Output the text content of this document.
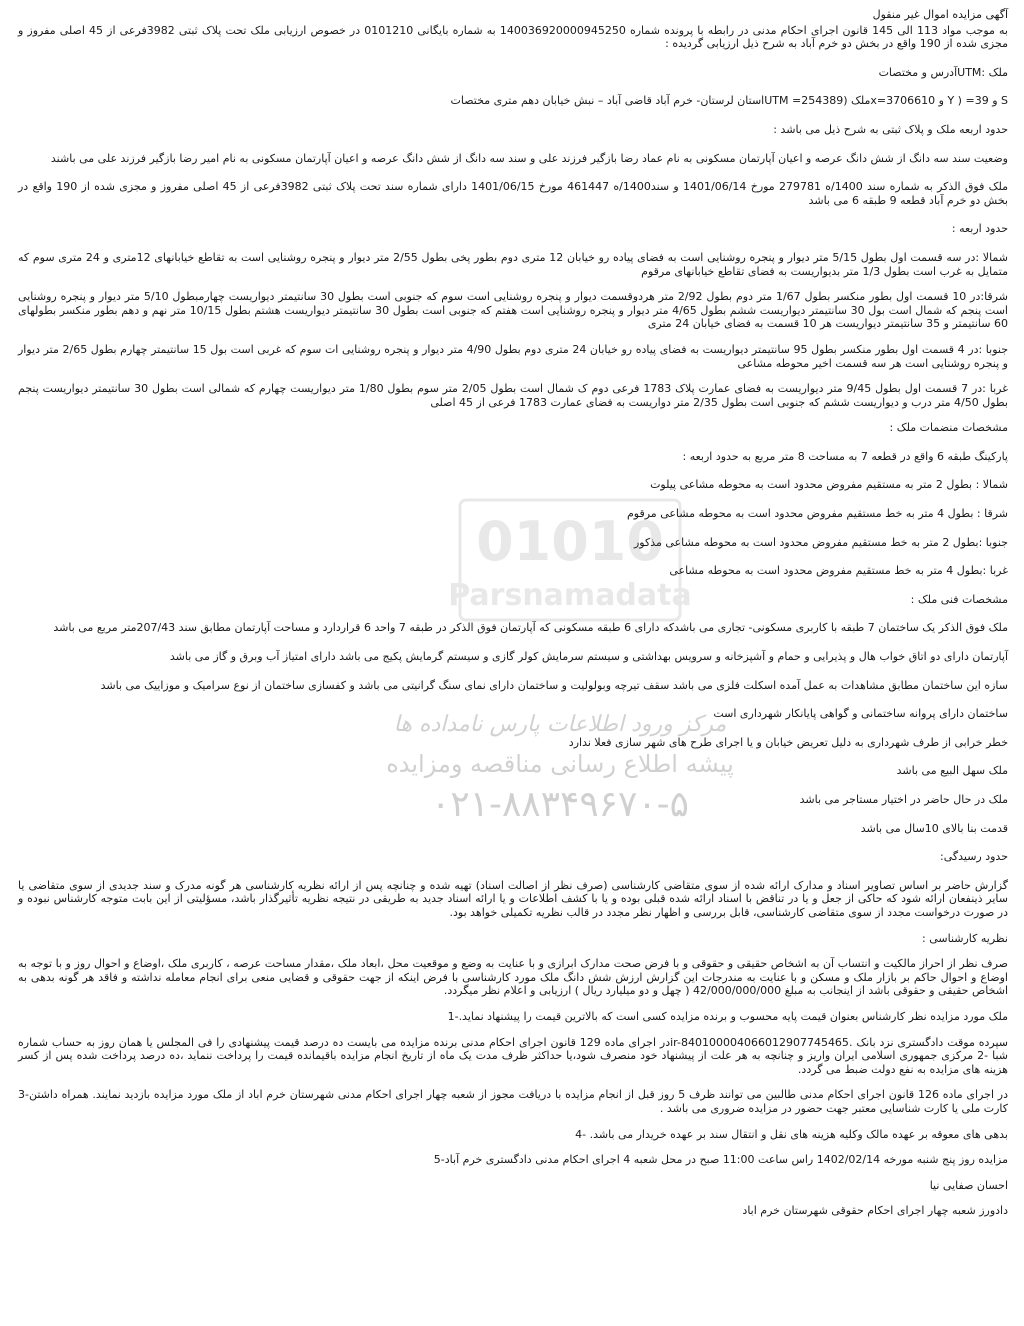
آگهی مزایده اموال غیر منقول

به موجب مواد 113 الی 145 قانون اجرای احکام مدنی در رابطه با پرونده شماره 140036920000945250 به شماره بایگانی 0101210 در خصوص ارزیابی ملک تحت پلاک ثبتی 3982فرعی از 45 اصلی مفروز و مجزی شده از 190 واقع در بخش دو خرم آباد به شرح ذیل ارزیابی گردیده :

ملک :UTMآدرس و مختصات

S و 39= ( Y و 3706610=xملک (254389= UTMاستان لرستان- خرم آباد قاضی آباد – نبش خیابان دهم متری مختصات

حدود اربعه ملک و پلاک ثبتی به شرح ذیل می باشد :

وضعیت سند سه دانگ از شش دانگ عرصه و اعیان آپارتمان مسکونی به نام عماد رضا بازگیر فرزند علی و سند سه دانگ از شش دانگ عرصه و اعیان آپارتمان مسکونی به نام امیر رضا بازگیر فرزند علی می باشند

ملک فوق الذکر به شماره سند 1400/ه 279781 مورخ 1401/06/14 و سند1400/ه 461447 مورخ 1401/06/15 دارای شماره سند تحت پلاک ثبتی 3982فرعی از 45 اصلی مفروز و مجزی شده از 190 واقع در بخش دو خرم آباد قطعه 9 طبقه 6 می باشد

حدود اربعه :

شمالا :در سه قسمت اول بطول 5/15 متر دیوار و پنجره روشنایی است به فضای پیاده رو خیابان 12 متری دوم بطور پخی بطول 2/55 متر دیوار و پنجره روشنایی است به تقاطع خیابانهای 12متری و 24 متری سوم که متمایل به غرب است بطول 1/3 متر بدیواریست به فضای تقاطع خیابانهای مرقوم

شرقا:در 10 قسمت اول بطور منکسر بطول 1/67 متر دوم بطول 2/92 متر هردوقسمت دیوار و پنجره روشنایی است سوم که جنوبی است بطول 30 سانتیمتر دیواریست چهارمبطول 5/10 متر دیوار و پنجره روشنایی است پنجم که شمال است بول 30 سانتیمتر دیواریست ششم بطول 4/65 متر دیوار و پنجره روشنایی است هفتم که جنوبی است بطول 30 سانتیمتر دیواریست هشتم بطول 10/15 متر نهم و دهم بطور منکسر بطولهای 60 سانتیمتر و 35 سانتیمتر دیواریست هر 10 قسمت به فضای خیابان 24 متری

جنوبا :در 4 قسمت اول بطور منکسر بطول 95 سانتیمتر دیواریست به فضای پیاده رو خیابان 24 متری دوم بطول 4/90 متر دیوار و پنجره روشنایی ات سوم که غربی است بول 15 سانتیمتر چهارم بطول 2/65 متر دیوار و پنجره روشنایی است هر سه قسمت اخیر محوطه مشاعی

غربا :در 7 قسمت اول بطول 9/45 متر دیواریست به فضای عمارت پلاک 1783 فرعی دوم ک شمال است بطول 2/05 متر سوم بطول 1/80 متر دیواریست چهارم که شمالی است بطول 30 سانتیمتر دیواریست پنجم بطول 4/50 متر درب و دیواریست ششم که جنوبی است بطول 2/35 متر دواریست به فضای عمارت 1783 فرعی از 45 اصلی

مشخصات منضمات ملک :

پارکینگ طبقه 6 واقع در قطعه 7 به مساحت 8 متر مربع به حدود اربعه :

شمالا : بطول 2 متر به مستقیم مفروض محدود است به محوطه مشاعی پیلوت

شرقا : بطول 4 متر به خط مستقیم مفروض محدود است به محوطه مشاعی مرقوم

جنوبا :بطول 2 متر به خط مستقیم مفروض محدود است به محوطه مشاعی مذکور

غربا :بطول 4 متر به خط مستقیم مفروض محدود است به محوطه مشاعی

مشخصات فنی ملک :

ملک فوق الذکر یک ساختمان 7 طبقه با کاربری مسکونی- تجاری می باشدکه دارای 6 طبقه مسکونی که آپارتمان فوق الذکر در طبقه 7 واحد 6 قراردارد و مساحت آپارتمان مطابق سند 207/43متر مربع می باشد

آپارتمان دارای دو اتاق خواب هال و پذیرایی و حمام و آشپزخانه و سرویس بهداشتی و سیستم سرمایش کولر گازی و سیستم گرمایش پکیج می باشد دارای امتیاز آب وبرق و گاز می باشد

سازه این ساختمان مطابق مشاهدات به عمل آمده اسکلت فلزی می باشد سقف تیرچه وبولولیت و ساختمان دارای نمای سنگ گرانیتی می باشد و کفسازی ساختمان از نوع سرامیک و موزاییک می باشد

ساختمان دارای پروانه ساختمانی و گواهی پایانکار شهرداری است

خطر خرابی از طرف شهرداری به دلیل تعریض خیابان و یا اجرای طرح های شهر سازی فعلا ندارد

ملک سهل البیع می باشد

ملک در حال حاضر در اختیار مستاجر می باشد

قدمت بنا بالای 10سال می باشد

حدود رسیدگی:

گزارش حاضر بر اساس تصاویر اسناد و مدارک ارائه شده از سوی متقاضی کارشناسی (صرف نظر از اصالت اسناد) تهیه شده و چنانچه پس از ارائه نظریه کارشناسی هر گونه مدرک و سند جدیدی از سوی متقاضی یا سایر ذینفعان ارائه شود که حاکی از جعل و یا در تناقض با اسناد ارائه شده قبلی بوده و یا با کشف اطلاعات و یا ارائه اسناد جدید به طریقی در نتیجه نظریه تأثیرگذار باشد، مسؤلیتی از این بابت متوجه کارشناس نبوده و در صورت درخواست مجدد از سوی متقاضی کارشناسی، قابل بررسی و اظهار نظر مجدد در قالب نظریه تکمیلی خواهد بود.

نظریه کارشناسی :

صرف نظر از احراز مالکیت و انتساب آن به اشخاص حقیقی و حقوقی و با فرض صحت مدارک ابرازی و با عنایت به وضع و موقعیت محل ،ابعاد ملک ،مقدار مساحت عرصه ، کاربری ملک ،اوضاع و احوال روز و با توجه به اوضاع و احوال حاکم بر بازار ملک و مسکن و با عنایت به مندرجات این گزارش ارزش شش دانگ ملک مورد کارشناسی با فرض اینکه از جهت حقوقی و قضایی منعی برای انجام معامله نداشته و فاقد هر گونه بدهی به اشخاص حقیقی و حقوقی باشد از اینجانب به مبلغ 42/000/000/000 ( چهل و دو میلیارد ریال ) ارزیابی و اعلام نظر میگردد.

ملک مورد مزایده نظر کارشناس بعنوان قیمت پایه محسوب و برنده مزایده کسی است که بالاترین قیمت را پیشنهاد نماید.-1

سپرده موقت دادگستری نزد بانک .ir-840100004066012907745465در اجرای ماده 129 قانون اجرای احکام مدنی برنده مزایده می بایست ده درصد قیمت پیشنهادی را فی المجلس یا همان روز به حساب شماره شبا -2 مرکزی جمهوری اسلامی ایران واریز و چنانچه به هر علت از پیشنهاد خود منصرف شود،یا حداکثر ظرف مدت یک ماه از تاریخ انجام مزایده باقیمانده قیمت را پرداخت ننماید ،ده درصد پرداخت شده پس از کسر هزینه های مزایده به نفع دولت ضبط می گردد.

در اجرای ماده 126 قانون اجرای احکام مدنی طالبین می توانند ظرف 5 روز قبل از انجام مزایده با دریافت مجوز از شعبه چهار اجرای احکام مدنی شهرستان خرم اباد از ملک مورد مزایده بازدید نمایند. همراه داشتن-3 کارت ملی یا کارت شناسایی معتبر جهت حضور در مزایده ضروری می باشد .

بدهی های معوقه بر عهده مالک وکلیه هزینه های نقل و انتقال سند بر عهده خریدار می باشد. -4

مزایده روز پنج شنبه مورخه 1402/02/14 راس ساعت 11:00 صبح در محل شعبه 4 اجرای احکام مدنی دادگستری خرم آباد-5

احسان صفایی نیا

دادورز شعبه چهار اجرای احکام حقوقی شهرستان خرم اباد

01010
Parsnamadata
مرکز ورود اطلاعات پارس نامداده ها
پیشه اطلاع رسانی مناقصه ومزایده
۰۲۱-۸۸۳۴۹۶۷۰-۵
